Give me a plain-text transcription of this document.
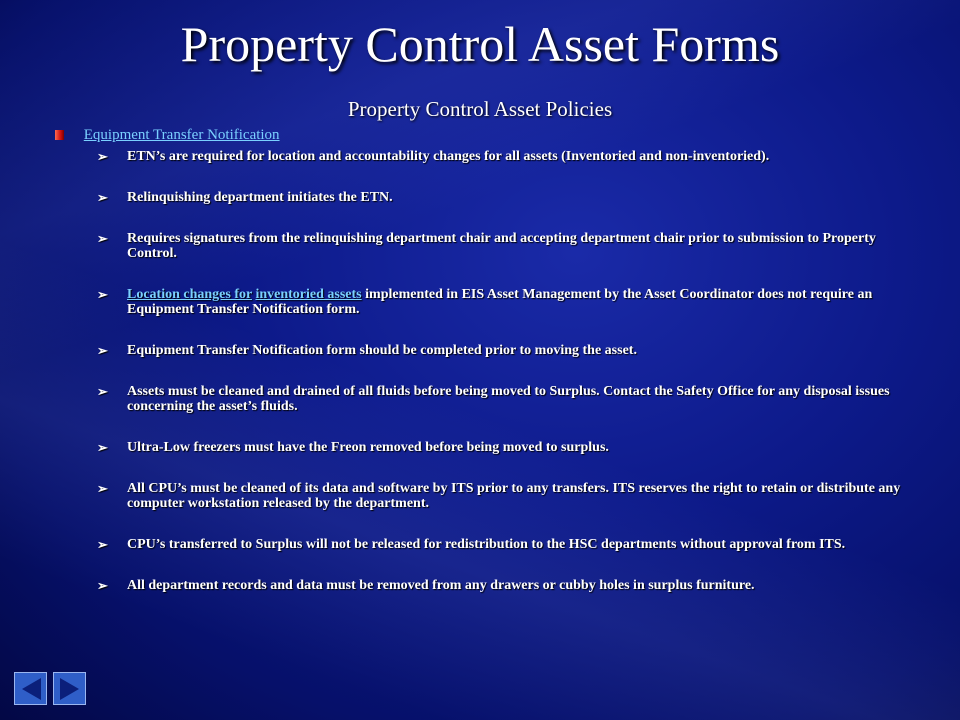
Property Control Asset Forms
Property Control Asset Policies
Equipment Transfer Notification
➢ ETN’s are required for location and accountability changes for all assets (Inventoried and non-inventoried).
➢ Relinquishing department initiates the ETN.
➢ Requires signatures from the relinquishing department chair and accepting department chair prior to submission to Property Control.
➢ Location changes for inventoried assets implemented in EIS Asset Management by the Asset Coordinator does not require an Equipment Transfer Notification form.
➢ Equipment Transfer Notification form should be completed prior to moving the asset.
➢ Assets must be cleaned and drained of all fluids before being moved to Surplus. Contact the Safety Office for any disposal issues concerning the asset’s fluids.
➢ Ultra-Low freezers must have the Freon removed before being moved to surplus.
➢ All CPU’s must be cleaned of its data and software by ITS prior to any transfers. ITS reserves the right to retain or distribute any computer workstation released by the department.
➢ CPU’s transferred to Surplus will not be released for redistribution to the HSC departments without approval from ITS.
➢ All department records and data must be removed from any drawers or cubby holes in surplus furniture.
